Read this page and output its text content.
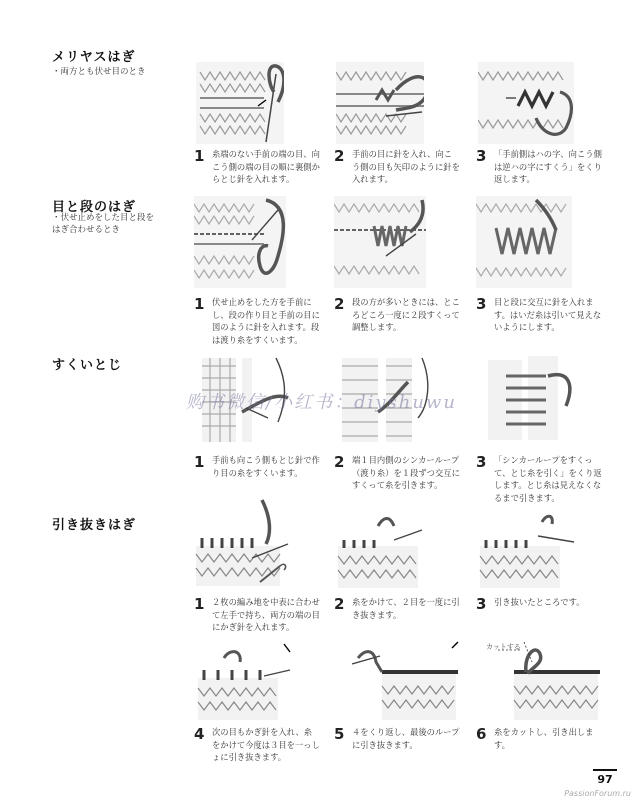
メリヤスはぎ
・両方とも伏せ目のとき
目と段のはぎ
・伏せ止めをした目と段をはぎ合わせるとき
すくいとじ
引き抜きはぎ
1 糸端のない手前の端の目、向こう側の端の目の順に裏側からとじ針を入れます。
2 手前の目に針を入れ、向こう側の目も矢印のように針を入れます。
3 「手前側はハの字、向こう側は逆ハの字にすくう」をくり返します。
1 伏せ止めをした方を手前にし、段の作り目と手前の目に図のように針を入れます。段は渡り糸をすくいます。
2 段の方が多いときには、ところどころ一度に２段すくって調整します。
3 目と段に交互に針を入れます。はいだ糸は引いて見えないようにします。
购书微信/小红书：diyshuwu
1 手前も向こう側もとじ針で作り目の糸をすくいます。
2 端１目内側のシンカーループ（渡り糸）を１段ずつ交互にすくって糸を引きます。
3 「シンカーループをすくって、とじ糸を引く」をくり返します。とじ糸は見えなくなるまで引きます。
1 ２枚の編み地を中表に合わせて左手で持ち、両方の端の目にかぎ針を入れます。
2 糸をかけて、２目を一度に引き抜きます。
3 引き抜いたところです。
カットする
4 次の目もかぎ針を入れ、糸をかけて今度は３目を一っしょに引き抜きます。
5 ４をくり返し、最後のループに引き抜きます。
6 糸をカットし、引き出します。
97
PassionForum.ru
